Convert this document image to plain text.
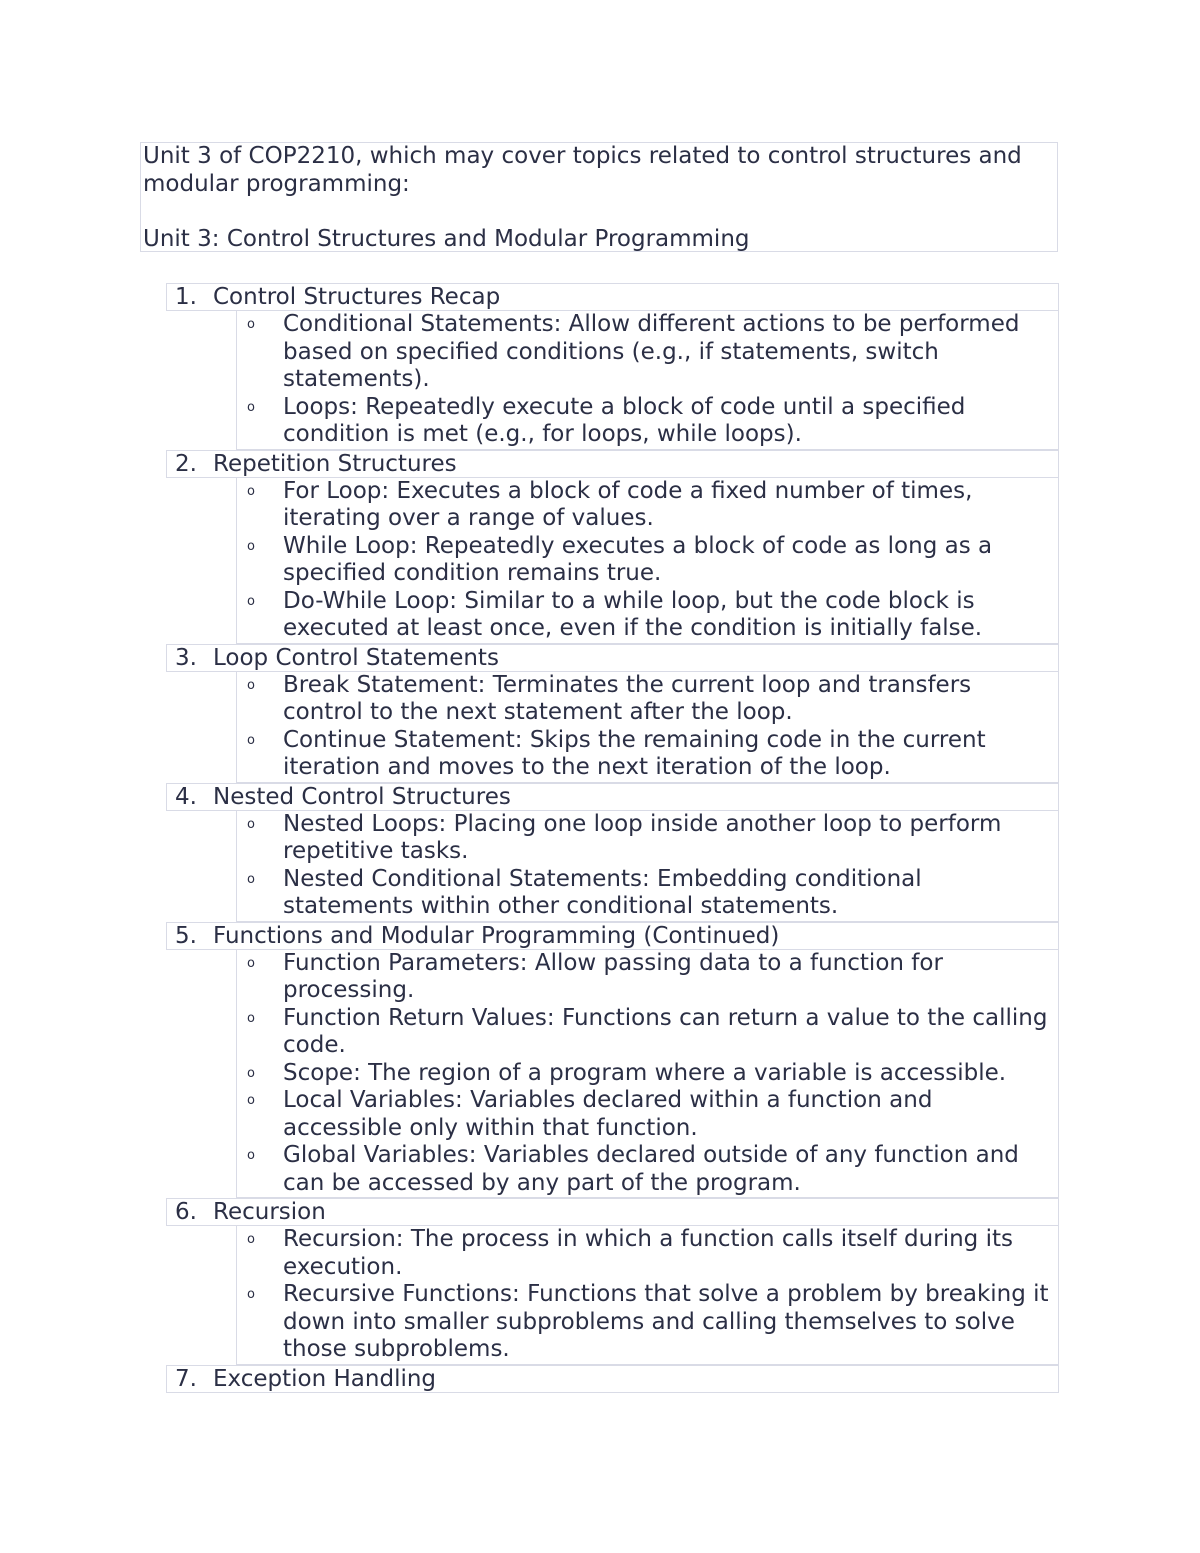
Unit 3 of COP2210, which may cover topics related to control structures and modular programming:

Unit 3: Control Structures and Modular Programming

1. Control Structures Recap
o	Conditional Statements: Allow different actions to be performed based on specified conditions (e.g., if statements, switch statements).
o	Loops: Repeatedly execute a block of code until a specified condition is met (e.g., for loops, while loops).
2. Repetition Structures
o	For Loop: Executes a block of code a fixed number of times, iterating over a range of values.
o	While Loop: Repeatedly executes a block of code as long as a specified condition remains true.
o	Do-While Loop: Similar to a while loop, but the code block is executed at least once, even if the condition is initially false.
3. Loop Control Statements
o	Break Statement: Terminates the current loop and transfers control to the next statement after the loop.
o	Continue Statement: Skips the remaining code in the current iteration and moves to the next iteration of the loop.
4. Nested Control Structures
o	Nested Loops: Placing one loop inside another loop to perform repetitive tasks.
o	Nested Conditional Statements: Embedding conditional statements within other conditional statements.
5. Functions and Modular Programming (Continued)
o	Function Parameters: Allow passing data to a function for processing.
o	Function Return Values: Functions can return a value to the calling code.
o	Scope: The region of a program where a variable is accessible.
o	Local Variables: Variables declared within a function and accessible only within that function.
o	Global Variables: Variables declared outside of any function and can be accessed by any part of the program.
6. Recursion
o	Recursion: The process in which a function calls itself during its execution.
o	Recursive Functions: Functions that solve a problem by breaking it down into smaller subproblems and calling themselves to solve those subproblems.
7. Exception Handling
